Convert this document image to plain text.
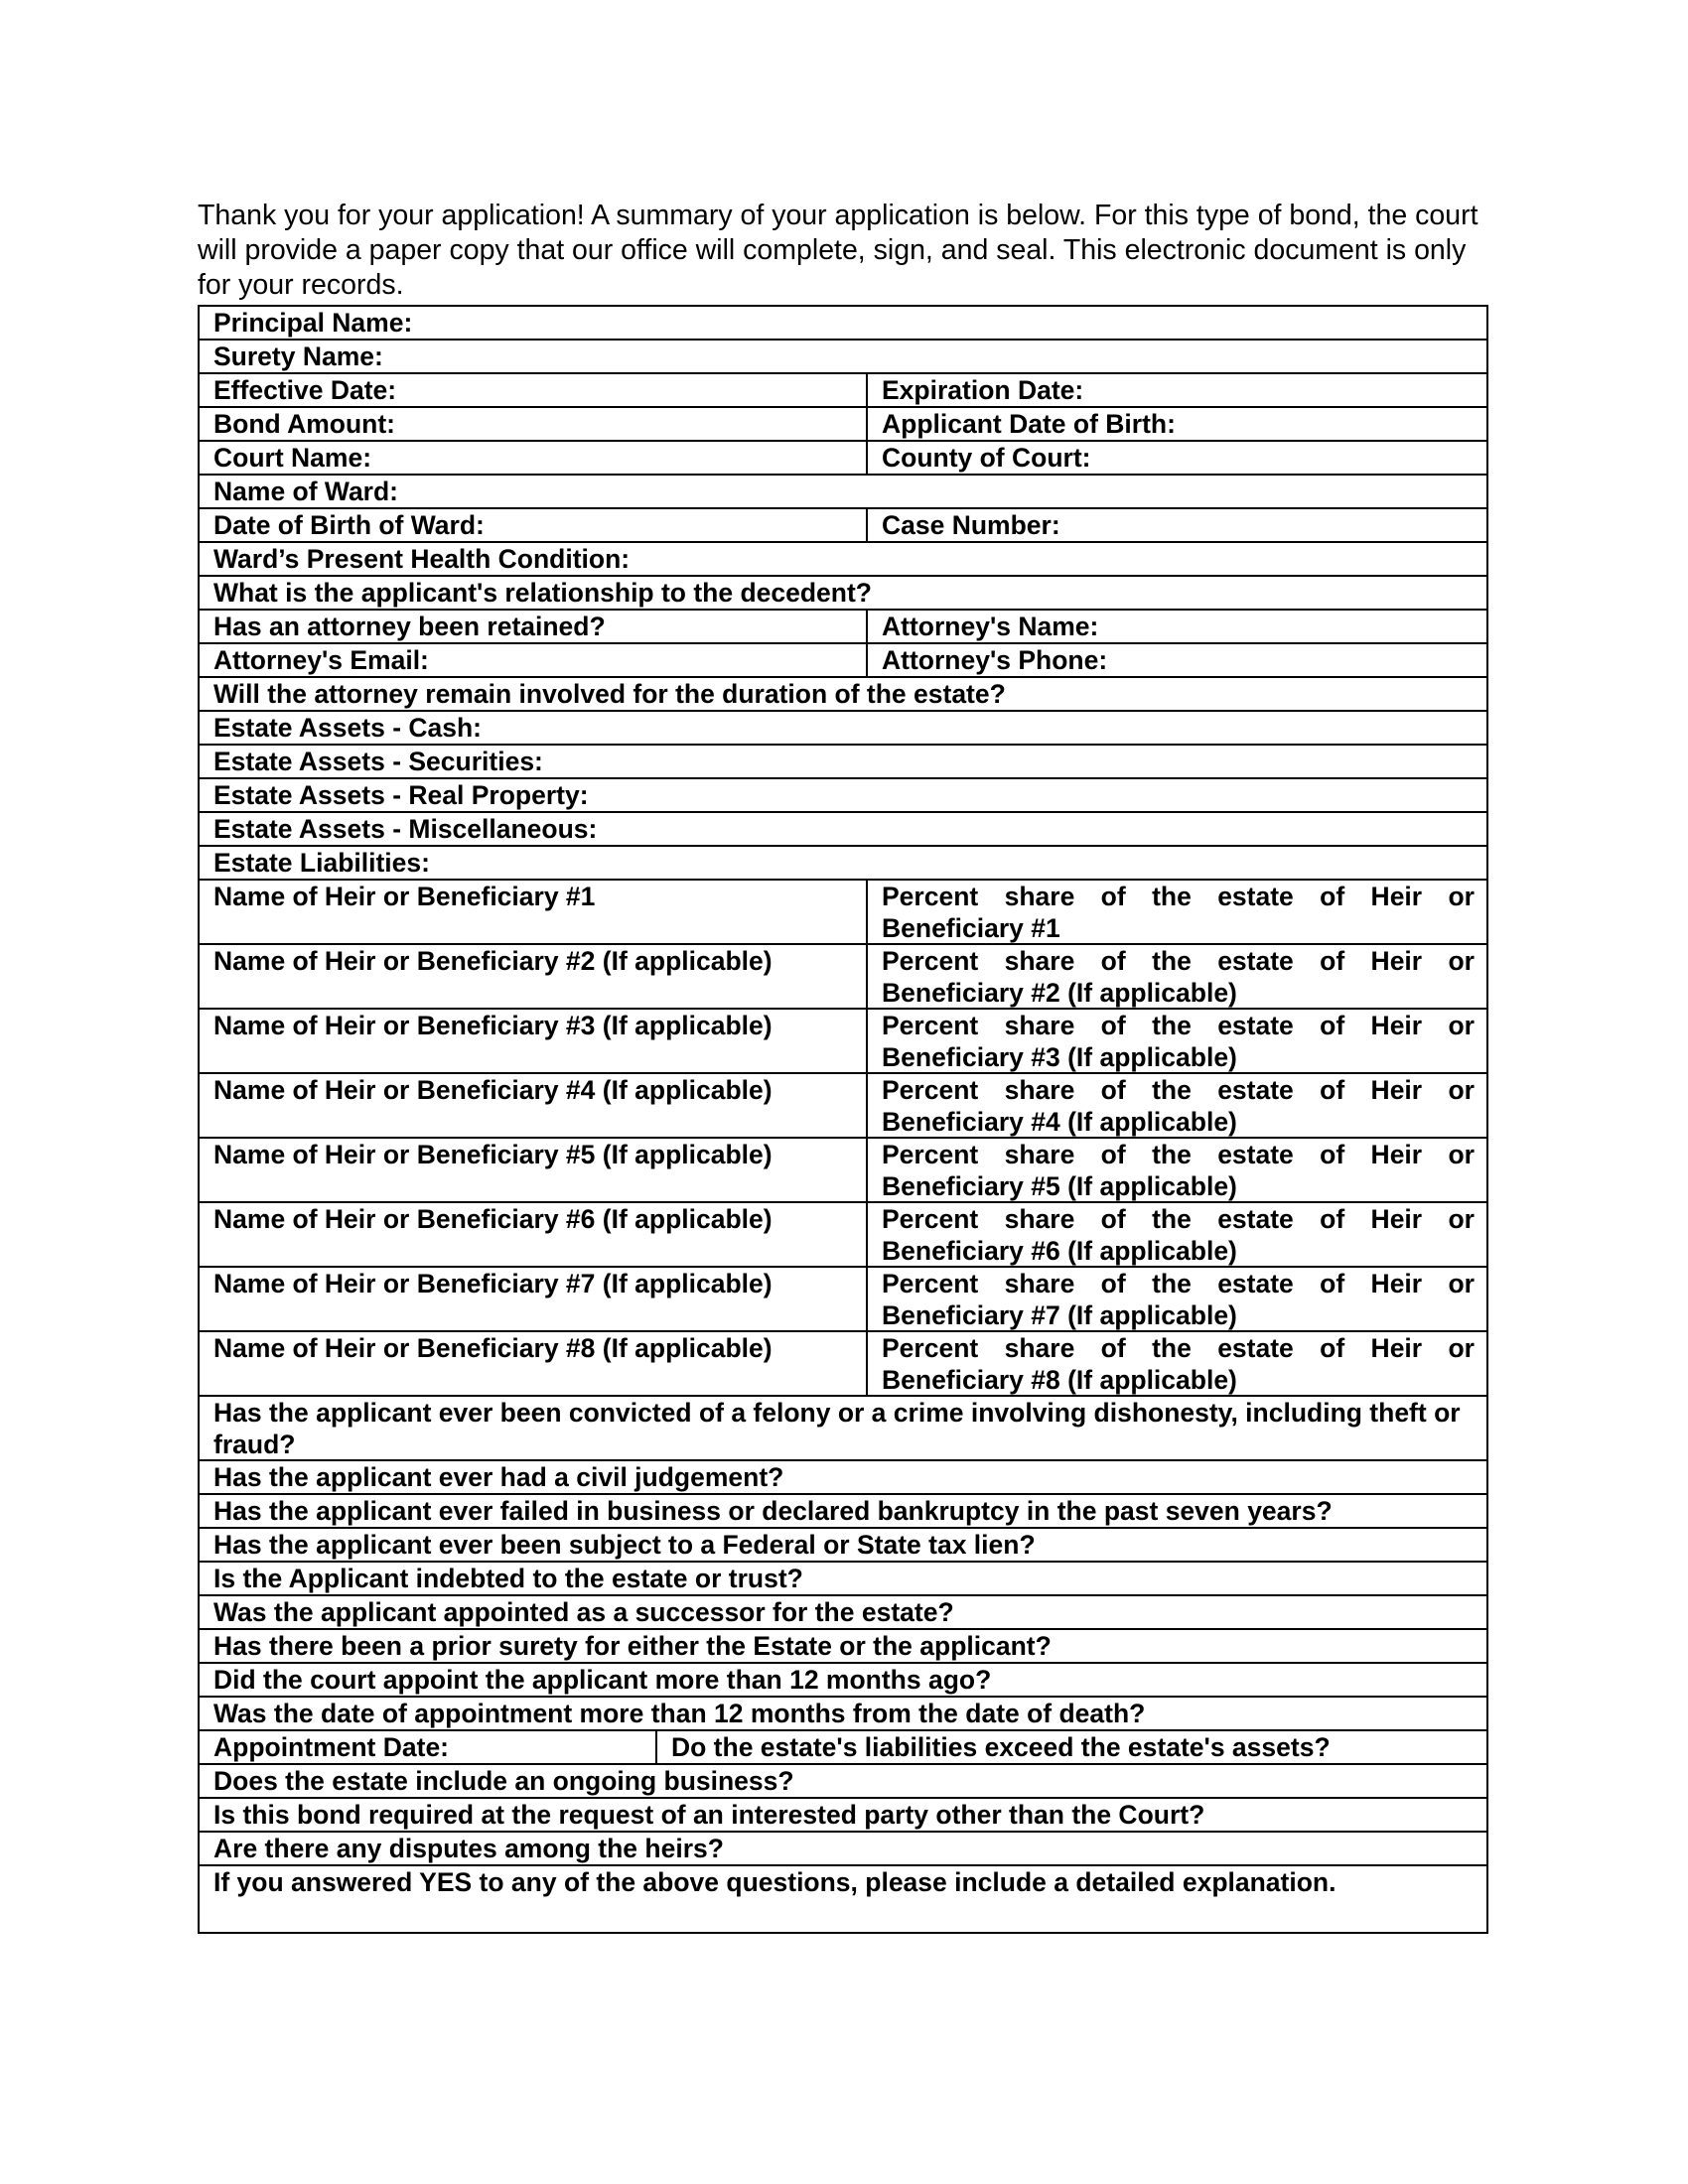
Thank you for your application! A summary of your application is below. For this type of bond, the court will provide a paper copy that our office will complete, sign, and seal. This electronic document is only for your records.

Principal Name:
Surety Name:
Effective Date:	Expiration Date:
Bond Amount:	Applicant Date of Birth:
Court Name:	County of Court:
Name of Ward:
Date of Birth of Ward:	Case Number:
Ward’s Present Health Condition:
What is the applicant's relationship to the decedent?
Has an attorney been retained?	Attorney's Name:
Attorney's Email:	Attorney's Phone:
Will the attorney remain involved for the duration of the estate?
Estate Assets - Cash:
Estate Assets - Securities:
Estate Assets - Real Property:
Estate Assets - Miscellaneous:
Estate Liabilities:
Name of Heir or Beneficiary #1	Percent share of the estate of Heir or Beneficiary #1
Name of Heir or Beneficiary #2 (If applicable)	Percent share of the estate of Heir or Beneficiary #2 (If applicable)
Name of Heir or Beneficiary #3 (If applicable)	Percent share of the estate of Heir or Beneficiary #3 (If applicable)
Name of Heir or Beneficiary #4 (If applicable)	Percent share of the estate of Heir or Beneficiary #4 (If applicable)
Name of Heir or Beneficiary #5 (If applicable)	Percent share of the estate of Heir or Beneficiary #5 (If applicable)
Name of Heir or Beneficiary #6 (If applicable)	Percent share of the estate of Heir or Beneficiary #6 (If applicable)
Name of Heir or Beneficiary #7 (If applicable)	Percent share of the estate of Heir or Beneficiary #7 (If applicable)
Name of Heir or Beneficiary #8 (If applicable)	Percent share of the estate of Heir or Beneficiary #8 (If applicable)
Has the applicant ever been convicted of a felony or a crime involving dishonesty, including theft or fraud?
Has the applicant ever had a civil judgement?
Has the applicant ever failed in business or declared bankruptcy in the past seven years?
Has the applicant ever been subject to a Federal or State tax lien?
Is the Applicant indebted to the estate or trust?
Was the applicant appointed as a successor for the estate?
Has there been a prior surety for either the Estate or the applicant?
Did the court appoint the applicant more than 12 months ago?
Was the date of appointment more than 12 months from the date of death?
Appointment Date:	Do the estate's liabilities exceed the estate's assets?
Does the estate include an ongoing business?
Is this bond required at the request of an interested party other than the Court?
Are there any disputes among the heirs?
If you answered YES to any of the above questions, please include a detailed explanation.
